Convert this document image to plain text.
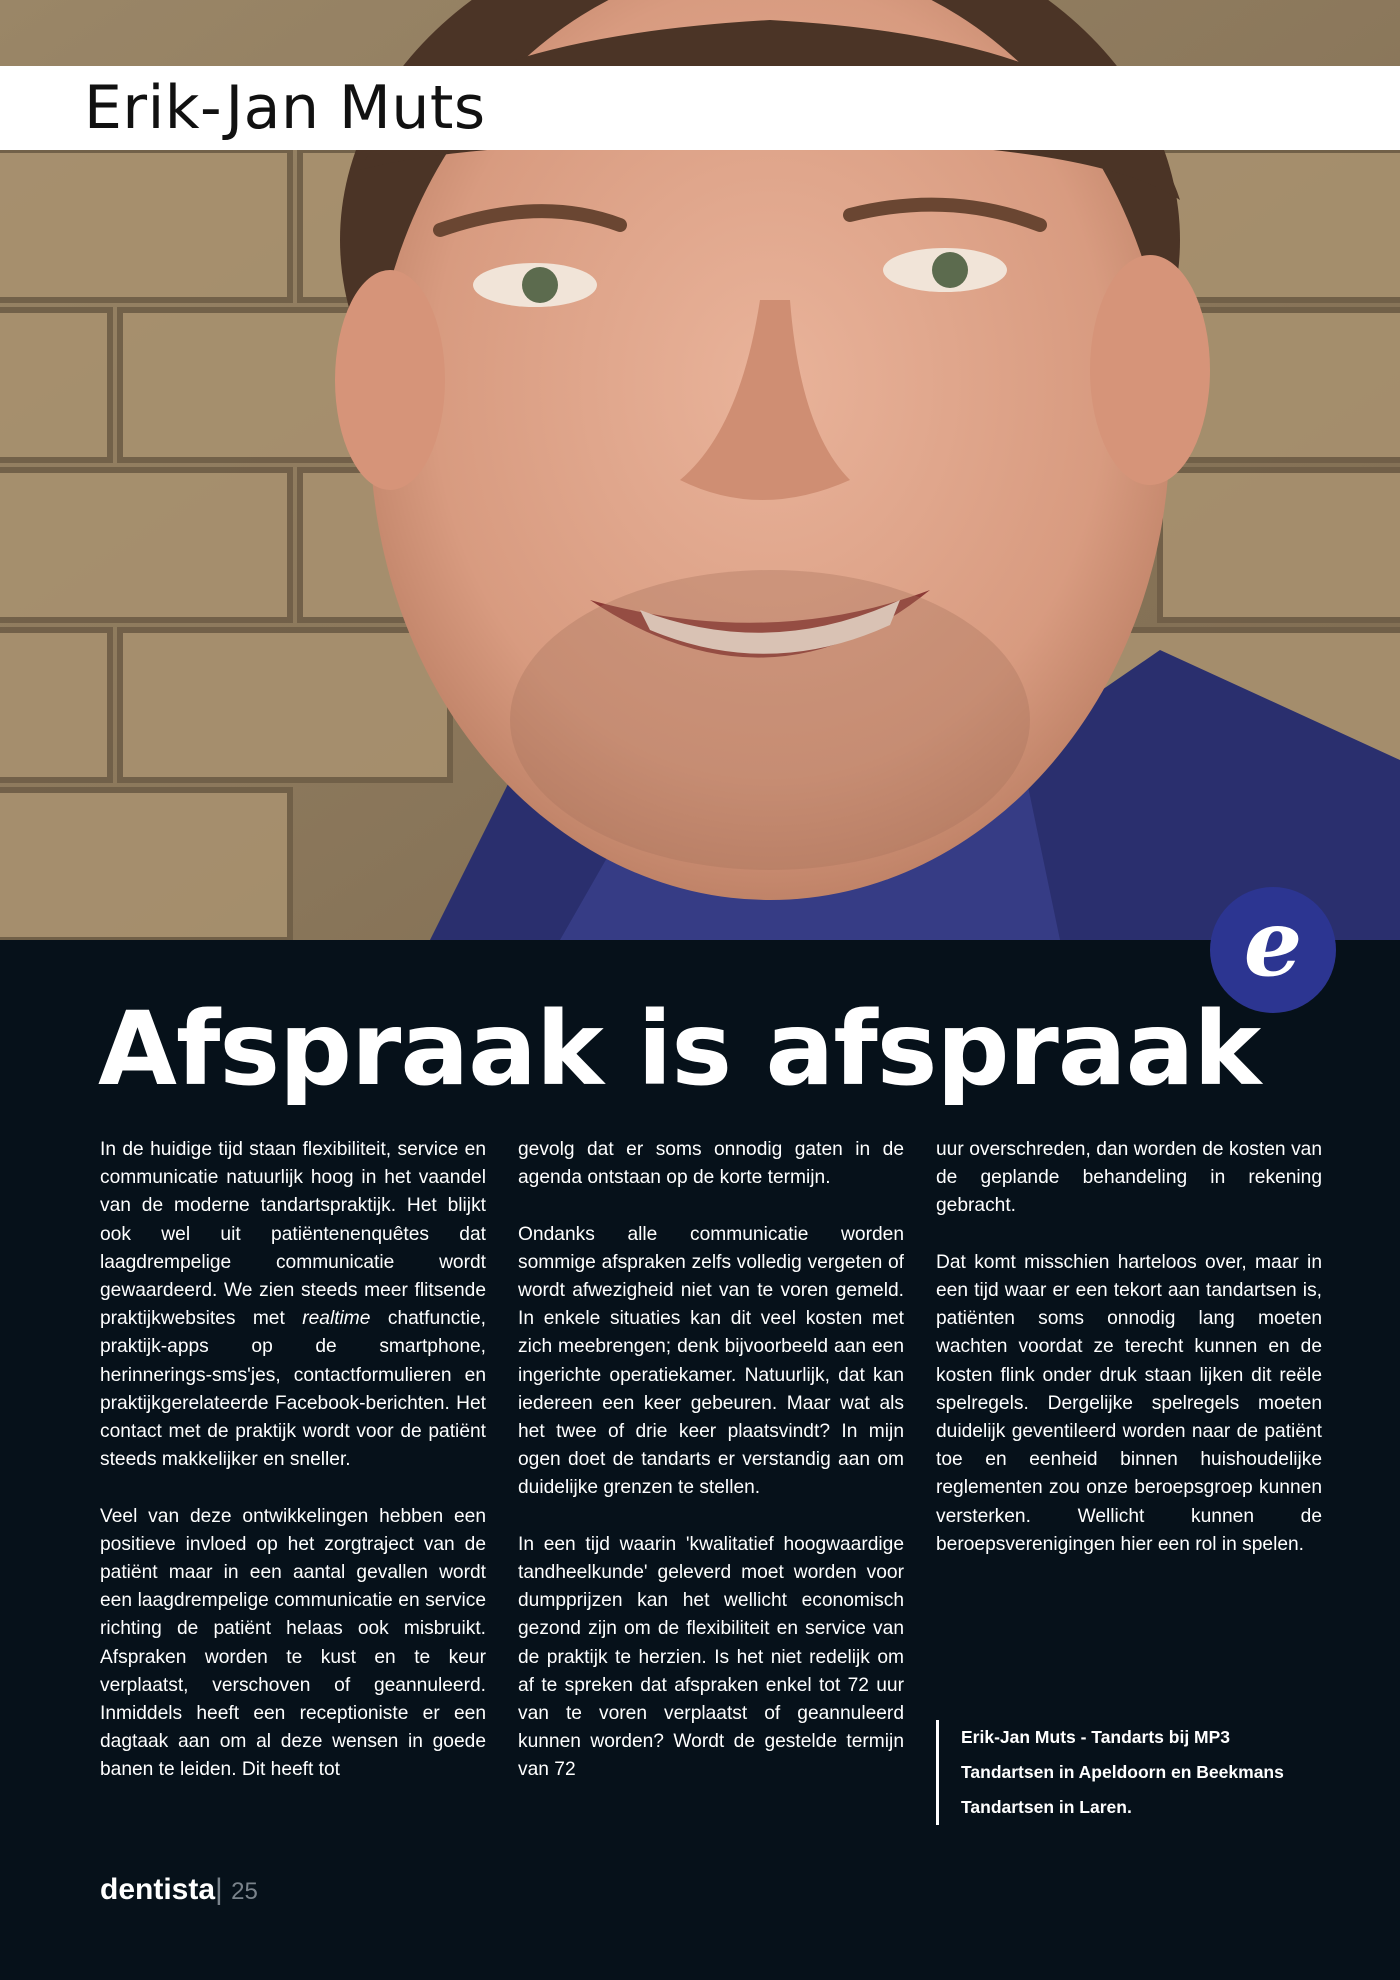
Erik-Jan Muts
e
Afspraak is afspraak

In de huidige tijd staan flexibiliteit, service en communicatie natuurlijk hoog in het vaandel van de moderne tandartspraktijk. Het blijkt ook wel uit patiëntenenquêtes dat laagdrempelige communicatie wordt gewaardeerd. We zien steeds meer flitsende praktijkwebsites met realtime chatfunctie, praktijk-apps op de smartphone, herinnerings-sms'jes, contactformulieren en praktijkgerelateerde Facebook-berichten. Het contact met de praktijk wordt voor de patiënt steeds makkelijker en sneller.

Veel van deze ontwikkelingen hebben een positieve invloed op het zorgtraject van de patiënt maar in een aantal gevallen wordt een laagdrempelige communicatie en service richting de patiënt helaas ook misbruikt. Afspraken worden te kust en te keur verplaatst, verschoven of geannuleerd. Inmiddels heeft een receptioniste er een dagtaak aan om al deze wensen in goede banen te leiden. Dit heeft tot

gevolg dat er soms onnodig gaten in de agenda ontstaan op de korte termijn.

Ondanks alle communicatie worden sommige afspraken zelfs volledig vergeten of wordt afwezigheid niet van te voren gemeld. In enkele situaties kan dit veel kosten met zich meebrengen; denk bijvoorbeeld aan een ingerichte operatiekamer. Natuurlijk, dat kan iedereen een keer gebeuren. Maar wat als het twee of drie keer plaatsvindt? In mijn ogen doet de tandarts er verstandig aan om duidelijke grenzen te stellen.

In een tijd waarin 'kwalitatief hoogwaardige tandheelkunde' geleverd moet worden voor dumpprijzen kan het wellicht economisch gezond zijn om de flexibiliteit en service van de praktijk te herzien. Is het niet redelijk om af te spreken dat afspraken enkel tot 72 uur van te voren verplaatst of geannuleerd kunnen worden? Wordt de gestelde termijn van 72

uur overschreden, dan worden de kosten van de geplande behandeling in rekening gebracht.

Dat komt misschien harteloos over, maar in een tijd waar er een tekort aan tandartsen is, patiënten soms onnodig lang moeten wachten voordat ze terecht kunnen en de kosten flink onder druk staan lijken dit reële spelregels. Dergelijke spelregels moeten duidelijk geventileerd worden naar de patiënt toe en eenheid binnen huishoudelijke reglementen zou onze beroepsgroep kunnen versterken. Wellicht kunnen de beroepsverenigingen hier een rol in spelen.

Erik-Jan Muts - Tandarts bij MP3 Tandartsen in Apeldoorn en Beekmans Tandartsen in Laren.
dentista| 25
